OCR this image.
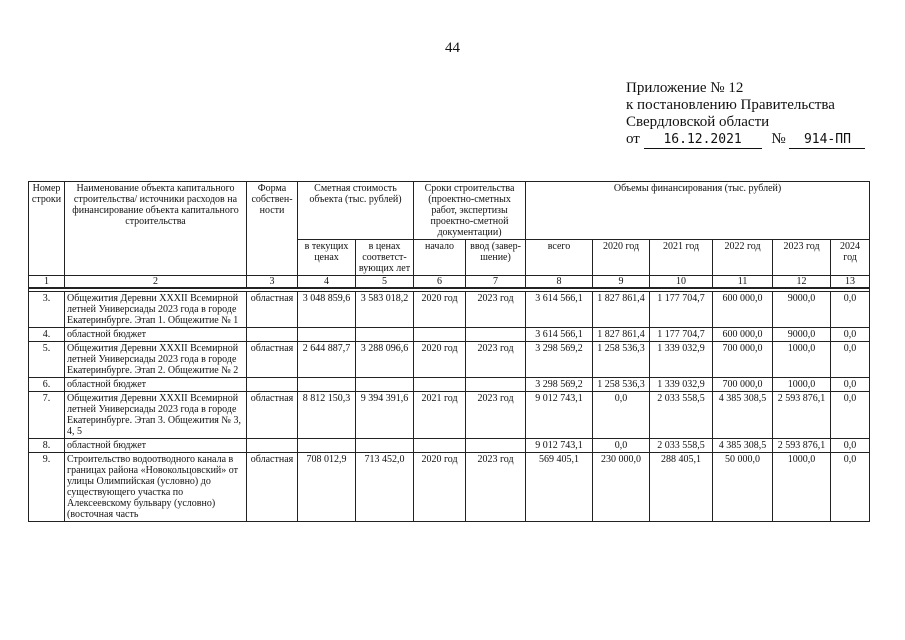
44
Приложение № 12
к постановлению Правительства
Свердловской области
от 16.12.2021 № 914-ПП
Номер строки	Наименование объекта капитального строительства/ источники расходов на финансирование объекта капитального строительства	Форма собствен-ности	Сметная стоимость объекта (тыс. рублей)		Сроки строительства (проектно-сметных работ, экспертизы проектно-сметной документации)		Объемы финансирования (тыс. рублей)					
			в текущих ценах	в ценах соответст-вующих лет	начало	ввод (завер-шение)	всего	2020 год	2021 год	2022 год	2023 год	2024 год
1	2	3	4	5	6	7	8	9	10	11	12	13

3.	Общежития Деревни XXXII Всемирной летней Универсиады 2023 года в городе Екатеринбурге. Этап 1. Общежитие № 1	областная	3 048 859,6	3 583 018,2	2020 год	2023 год	3 614 566,1	1 827 861,4	1 177 704,7	600 000,0	9000,0	0,0
4.	областной бюджет						3 614 566,1	1 827 861,4	1 177 704,7	600 000,0	9000,0	0,0
5.	Общежития Деревни XXXII Всемирной летней Универсиады 2023 года в городе Екатеринбурге. Этап 2. Общежитие № 2	областная	2 644 887,7	3 288 096,6	2020 год	2023 год	3 298 569,2	1 258 536,3	1 339 032,9	700 000,0	1000,0	0,0
6.	областной бюджет						3 298 569,2	1 258 536,3	1 339 032,9	700 000,0	1000,0	0,0
7.	Общежития Деревни XXXII Всемирной летней Универсиады 2023 года в городе Екатеринбурге. Этап 3. Общежития № 3, 4, 5	областная	8 812 150,3	9 394 391,6	2021 год	2023 год	9 012 743,1	0,0	2 033 558,5	4 385 308,5	2 593 876,1	0,0
8.	областной бюджет						9 012 743,1	0,0	2 033 558,5	4 385 308,5	2 593 876,1	0,0
9.	Строительство водоотводного канала в границах района «Новокольцовский» от улицы Олимпийская (условно) до существующего участка по Алексеевскому бульвару (условно) (восточная часть	областная	708 012,9	713 452,0	2020 год	2023 год	569 405,1	230 000,0	288 405,1	50 000,0	1000,0	0,0
